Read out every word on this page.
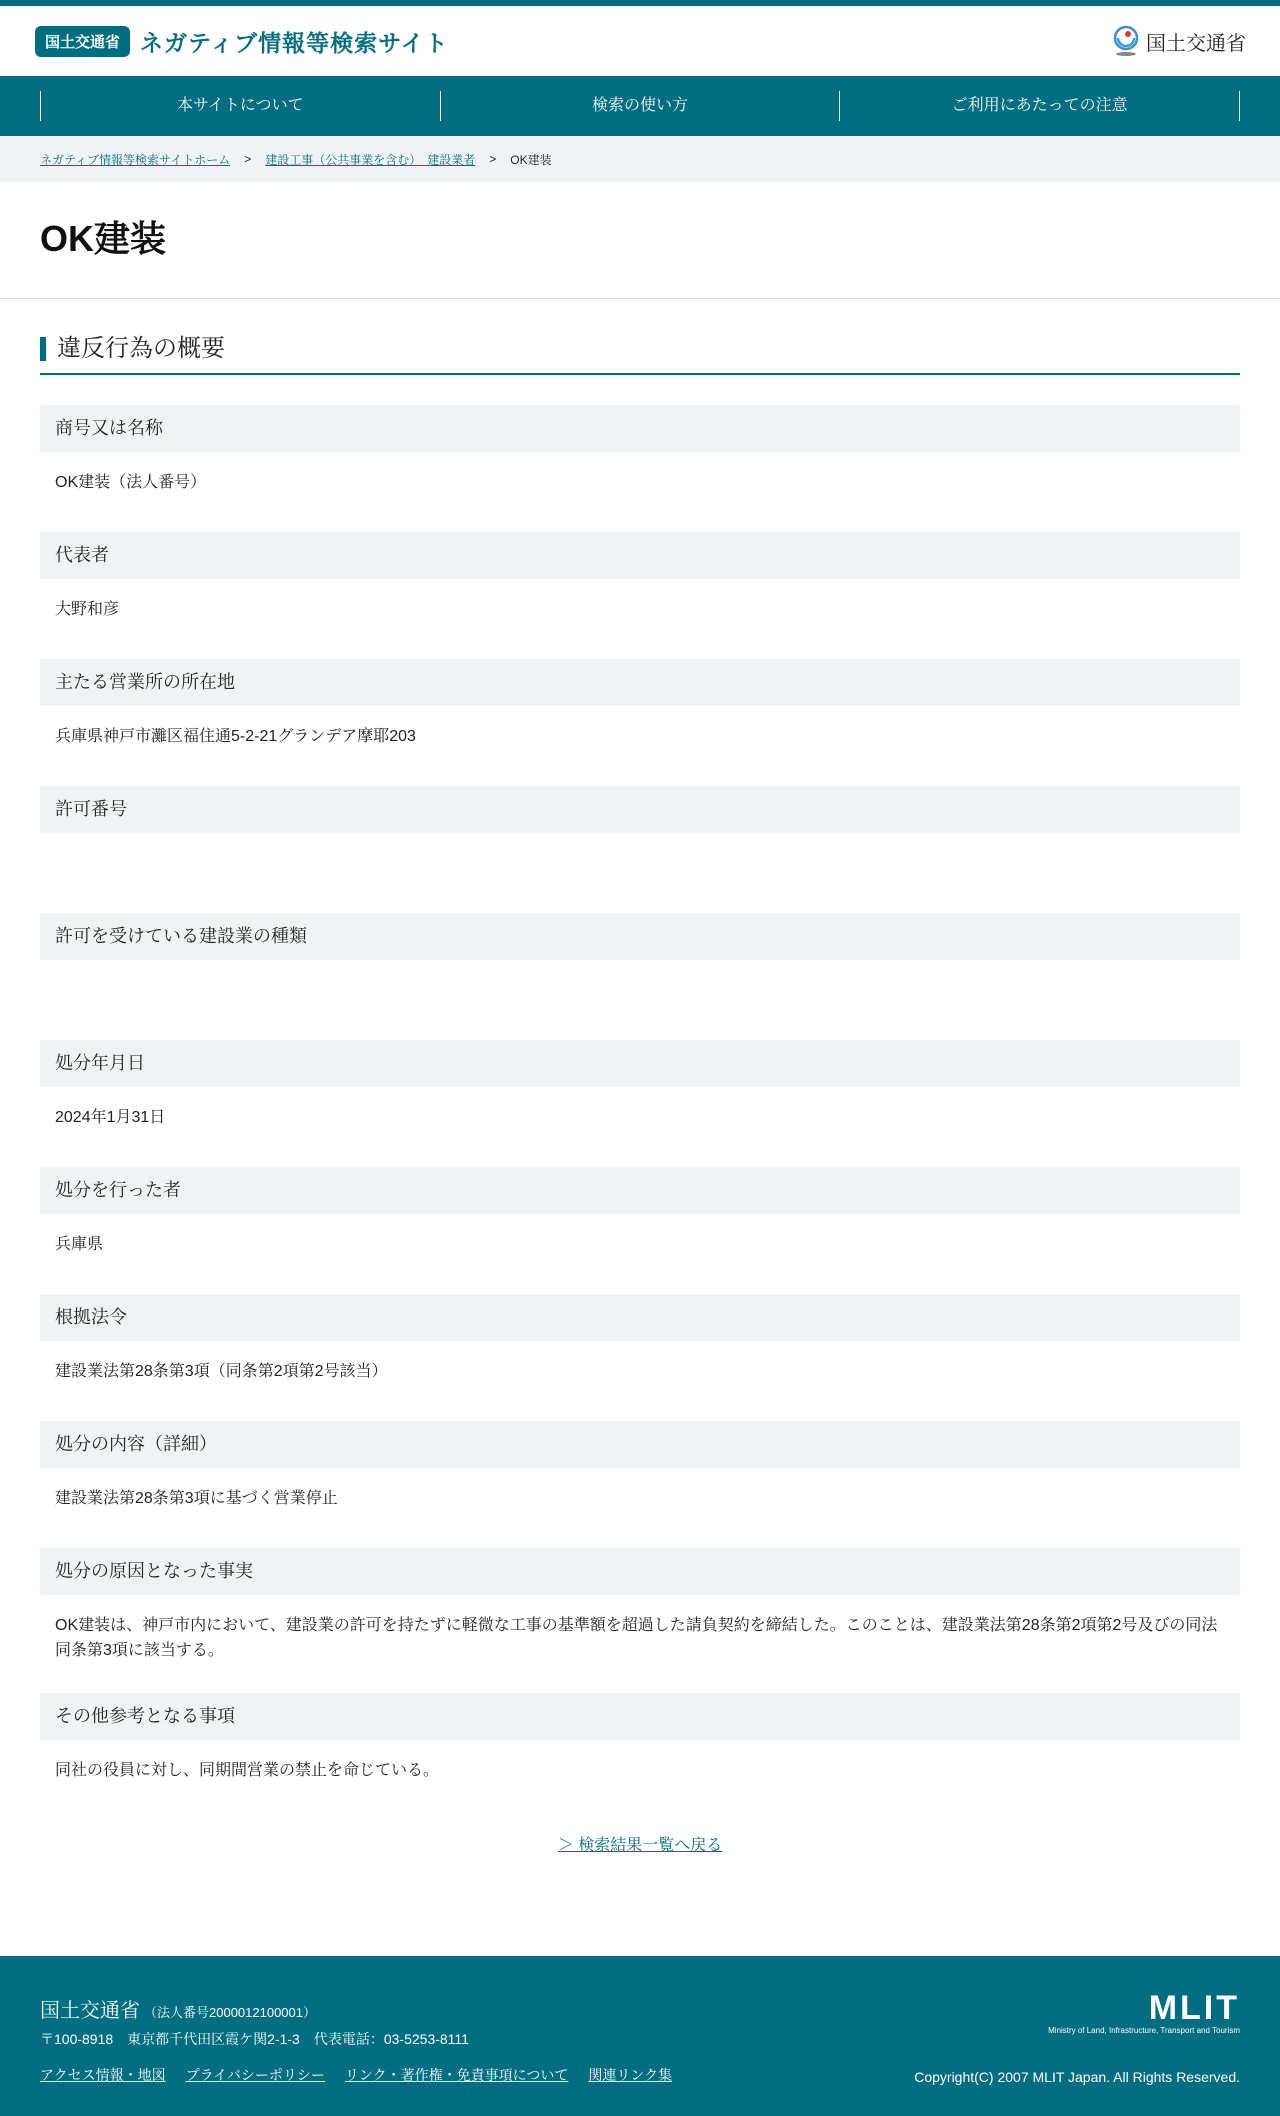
国土交通省 ネガティブ情報等検索サイト	国土交通省
本サイトについて	検索の使い方	ご利用にあたっての注意
ネガティブ情報等検索サイトホーム > 建設工事（公共事業を含む）　建設業者 > OK建装
OK建装
違反行為の概要
商号又は名称
OK建装（法人番号）
代表者
大野和彦
主たる営業所の所在地
兵庫県神戸市灘区福住通5-2-21グランデア摩耶203
許可番号
許可を受けている建設業の種類
処分年月日
2024年1月31日
処分を行った者
兵庫県
根拠法令
建設業法第28条第3項（同条第2項第2号該当）
処分の内容（詳細）
建設業法第28条第3項に基づく営業停止
処分の原因となった事実
OK建装は、神戸市内において、建設業の許可を持たずに軽微な工事の基準額を超過した請負契約を締結した。このことは、建設業法第28条第2項第2号及びの同法同条第3項に該当する。
その他参考となる事項
同社の役員に対し、同期間営業の禁止を命じている。
＞ 検索結果一覧へ戻る
国土交通省 （法人番号2000012100001）
〒100-8918　東京都千代田区霞ケ関2-1-3　代表電話：03-5253-8111
アクセス情報・地図 プライバシーポリシー リンク・著作権・免責事項について 関連リンク集
MLIT
Ministry of Land, Infrastructure, Transport and Tourism
Copyright(C) 2007 MLIT Japan. All Rights Reserved.
